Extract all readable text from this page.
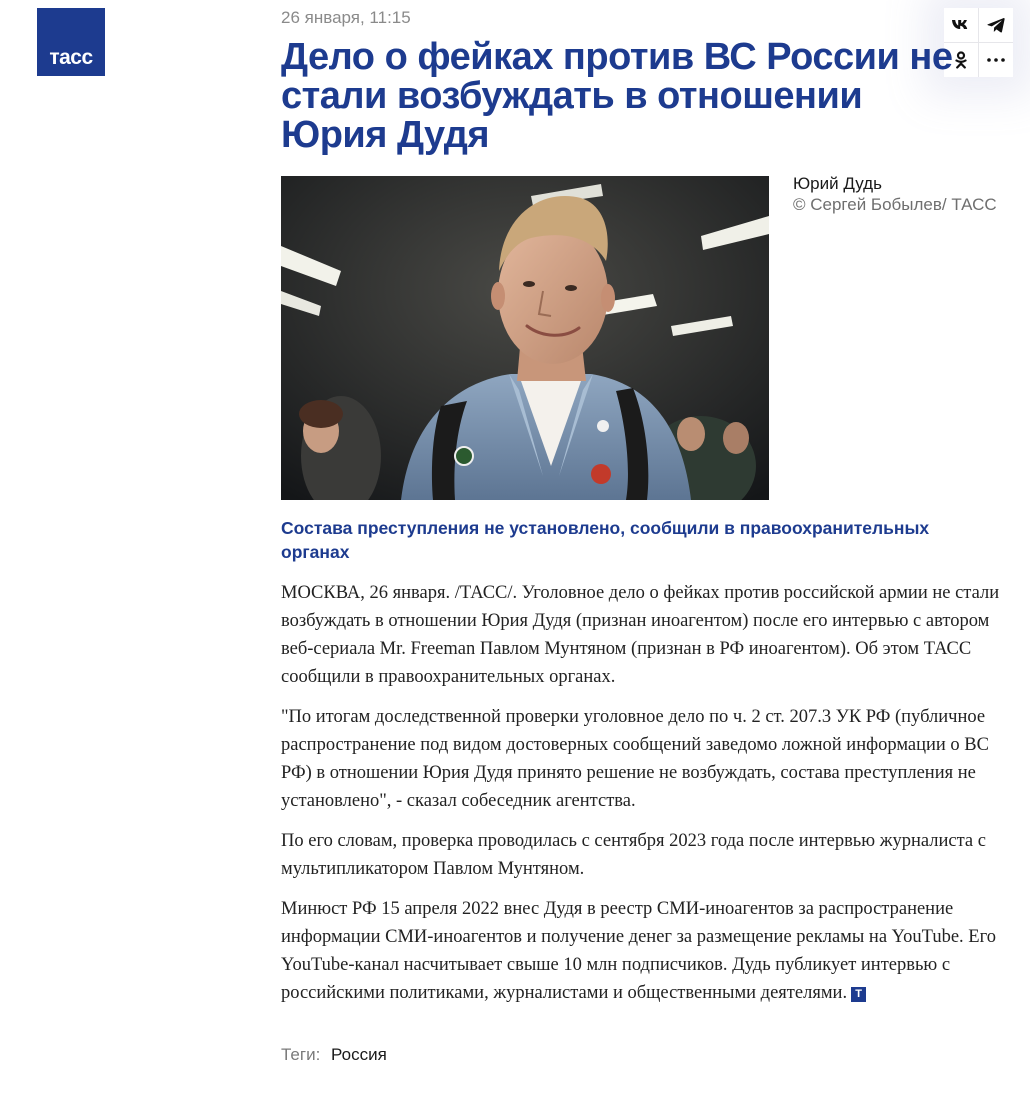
тасс
26 января, 11:15
Дело о фейках против ВС России не стали возбуждать в отношении Юрия Дудя
Юрий Дудь
© Сергей Бобылев/ ТАСС
Состава преступления не установлено, сообщили в правоохранительных органах

МОСКВА, 26 января. /ТАСС/. Уголовное дело о фейках против российской армии не стали возбуждать в отношении Юрия Дудя (признан иноагентом) после его интервью с автором веб-сериала Mr. Freeman Павлом Мунтяном (признан в РФ иноагентом). Об этом ТАСС сообщили в правоохранительных органах.

"По итогам доследственной проверки уголовное дело по ч. 2 ст. 207.3 УК РФ (публичное распространение под видом достоверных сообщений заведомо ложной информации о ВС РФ) в отношении Юрия Дудя принято решение не возбуждать, состава преступления не установлено", - сказал собеседник агентства.

По его словам, проверка проводилась с сентября 2023 года после интервью журналиста с мультипликатором Павлом Мунтяном.

Минюст РФ 15 апреля 2022 внес Дудя в реестр СМИ-иноагентов за распространение информации СМИ-иноагентов и получение денег за размещение рекламы на YouTube. Его YouTube-канал насчитывает свыше 10 млн подписчиков. Дудь публикует интервью с российскими политиками, журналистами и общественными деятелями. Т

Теги: Россия
